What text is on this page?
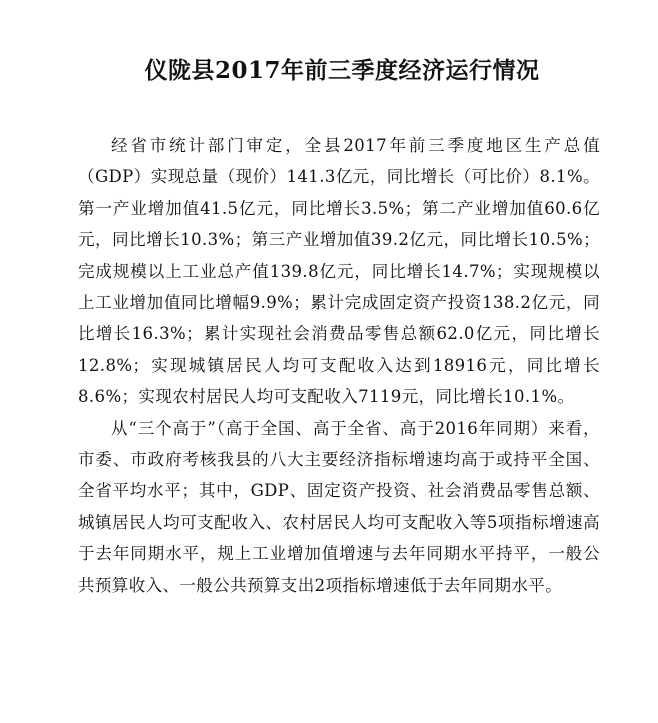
仪陇县2017年前三季度经济运行情况

经省市统计部门审定，全县2017年前三季度地区生产总值（GDP）实现总量（现价）141.3亿元，同比增长（可比价）8.1%。第一产业增加值41.5亿元，同比增长3.5%；第二产业增加值60.6亿元，同比增长10.3%；第三产业增加值39.2亿元，同比增长10.5%；完成规模以上工业总产值139.8亿元，同比增长14.7%；实现规模以上工业增加值同比增幅9.9%；累计完成固定资产投资138.2亿元，同比增长16.3%；累计实现社会消费品零售总额62.0亿元，同比增长12.8%；实现城镇居民人均可支配收入达到18916元，同比增长8.6%；实现农村居民人均可支配收入7119元，同比增长10.1%。

从“三个高于”（高于全国、高于全省、高于2016年同期）来看，市委、市政府考核我县的八大主要经济指标增速均高于或持平全国、全省平均水平；其中，GDP、固定资产投资、社会消费品零售总额、城镇居民人均可支配收入、农村居民人均可支配收入等5项指标增速高于去年同期水平，规上工业增加值增速与去年同期水平持平，一般公共预算收入、一般公共预算支出2项指标增速低于去年同期水平。
